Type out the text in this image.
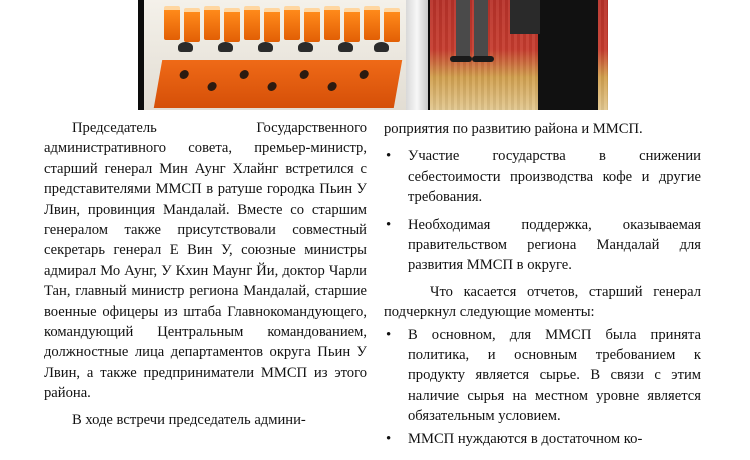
Председатель Государственного административного совета, премьер-министр, старший генерал Мин Аунг Хлайнг встретился с представителями ММСП в ратуше городка Пьин У Лвин, провинция Мандалай. Вместе со старшим генералом также присутствовали совместный секретарь генерал Е Вин У, союзные министры адмирал Мо Аунг, У Кхин Маунг Йи, доктор Чарли Тан, главный министр региона Мандалай, старшие военные офицеры из штаба Главнокомандующего, командующий Центральным командованием, должностные лица департаментов округа Пьин У Лвин, а также предприниматели ММСП из этого района.

В ходе встречи председатель админи-

роприятия по развитию района и ММСП.

• Участие государства в снижении себестоимости производства кофе и другие требования.
• Необходимая поддержка, оказываемая правительством региона Мандалай для развития ММСП в округе.

Что касается отчетов, старший генерал подчеркнул следующие моменты:

• В основном, для ММСП была принята политика, и основным требованием к продукту является сырье. В связи с этим наличие сырья на местном уровне является обязательным условием.
• ММСП нуждаются в достаточном ко-
